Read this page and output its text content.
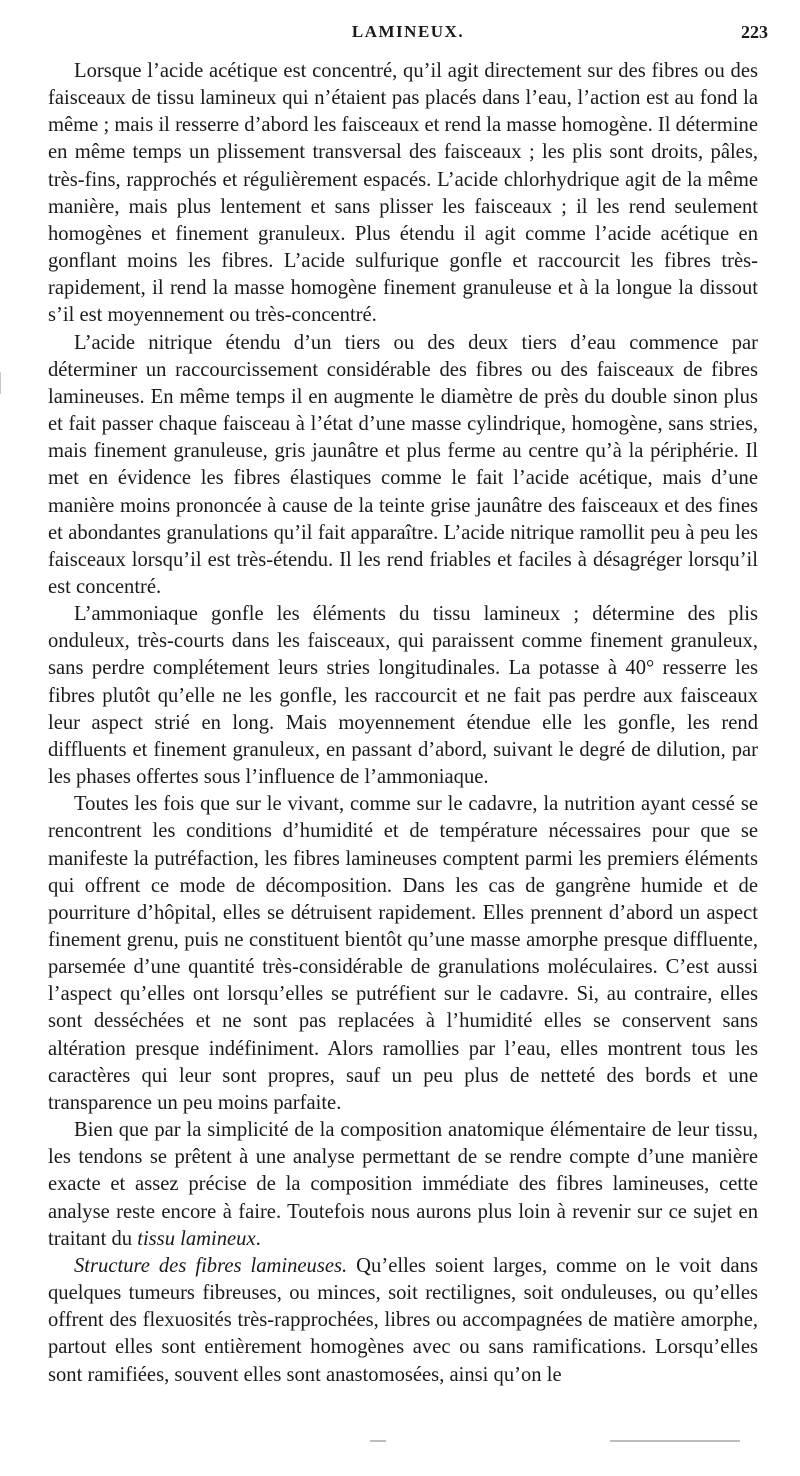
LAMINEUX.	223

Lorsque l’acide acétique est concentré, qu’il agit directement sur des fibres ou des faisceaux de tissu lamineux qui n’étaient pas placés dans l’eau, l’action est au fond la même ; mais il resserre d’abord les faisceaux et rend la masse homogène. Il détermine en même temps un plissement transversal des faisceaux ; les plis sont droits, pâles, très-fins, rapprochés et régulièrement espacés. L’acide chlorhydrique agit de la même manière, mais plus lentement et sans plisser les faisceaux ; il les rend seulement homogènes et finement granuleux. Plus étendu il agit comme l’acide acétique en gonflant moins les fibres. L’acide sulfurique gonfle et raccourcit les fibres très-rapidement, il rend la masse homogène finement granuleuse et à la longue la dissout s’il est moyennement ou très-concentré.

L’acide nitrique étendu d’un tiers ou des deux tiers d’eau commence par déterminer un raccourcissement considérable des fibres ou des faisceaux de fibres lamineuses. En même temps il en augmente le diamètre de près du double sinon plus et fait passer chaque faisceau à l’état d’une masse cylindrique, homogène, sans stries, mais finement granuleuse, gris jaunâtre et plus ferme au centre qu’à la périphérie. Il met en évidence les fibres élastiques comme le fait l’acide acétique, mais d’une manière moins prononcée à cause de la teinte grise jaunâtre des faisceaux et des fines et abondantes granulations qu’il fait apparaître. L’acide nitrique ramollit peu à peu les faisceaux lorsqu’il est très-étendu. Il les rend friables et faciles à désagréger lorsqu’il est concentré.

L’ammoniaque gonfle les éléments du tissu lamineux ; détermine des plis onduleux, très-courts dans les faisceaux, qui paraissent comme finement granuleux, sans perdre complétement leurs stries longitudinales. La potasse à 40° resserre les fibres plutôt qu’elle ne les gonfle, les raccourcit et ne fait pas perdre aux faisceaux leur aspect strié en long. Mais moyennement étendue elle les gonfle, les rend diffluents et finement granuleux, en passant d’abord, suivant le degré de dilution, par les phases offertes sous l’influence de l’ammoniaque.

Toutes les fois que sur le vivant, comme sur le cadavre, la nutrition ayant cessé se rencontrent les conditions d’humidité et de température nécessaires pour que se manifeste la putréfaction, les fibres lamineuses comptent parmi les premiers éléments qui offrent ce mode de décomposition. Dans les cas de gangrène humide et de pourriture d’hôpital, elles se détruisent rapidement. Elles prennent d’abord un aspect finement grenu, puis ne constituent bientôt qu’une masse amorphe presque diffluente, parsemée d’une quantité très-considérable de granulations moléculaires. C’est aussi l’aspect qu’elles ont lorsqu’elles se putréfient sur le cadavre. Si, au contraire, elles sont desséchées et ne sont pas replacées à l’humidité elles se conservent sans altération presque indéfiniment. Alors ramollies par l’eau, elles montrent tous les caractères qui leur sont propres, sauf un peu plus de netteté des bords et une transparence un peu moins parfaite.

Bien que par la simplicité de la composition anatomique élémentaire de leur tissu, les tendons se prêtent à une analyse permettant de se rendre compte d’une manière exacte et assez précise de la composition immédiate des fibres lamineuses, cette analyse reste encore à faire. Toutefois nous aurons plus loin à revenir sur ce sujet en traitant du tissu lamineux.

Structure des fibres lamineuses. Qu’elles soient larges, comme on le voit dans quelques tumeurs fibreuses, ou minces, soit rectilignes, soit onduleuses, ou qu’elles offrent des flexuosités très-rapprochées, libres ou accompagnées de matière amorphe, partout elles sont entièrement homogènes avec ou sans ramifications. Lorsqu’elles sont ramifiées, souvent elles sont anastomosées, ainsi qu’on le
